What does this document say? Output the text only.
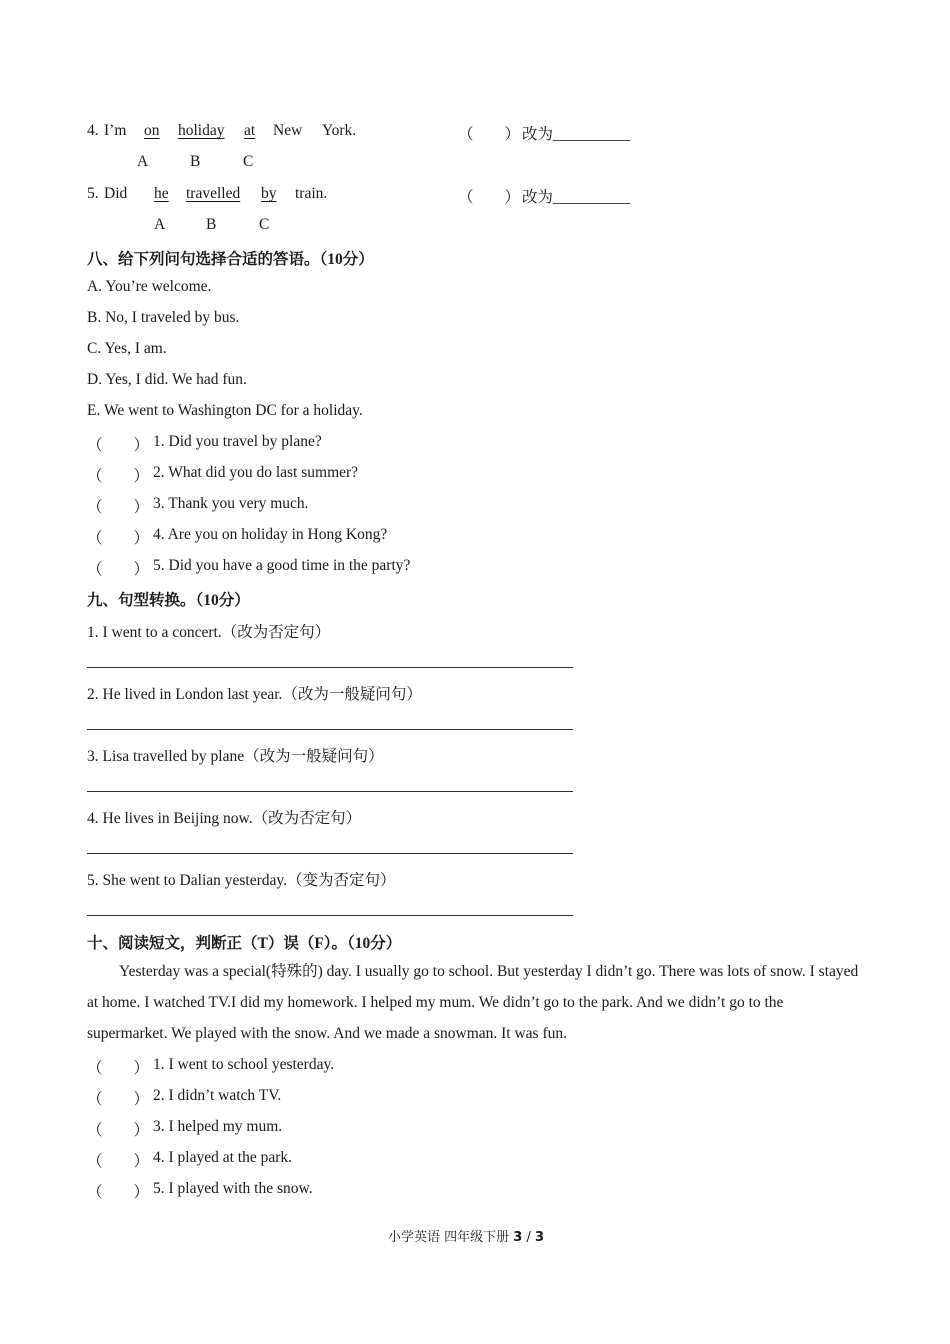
4. I’m on holiday at New York.	（　　） 改为__________
A	B	C
5. Did he travelled by train.	（　　） 改为__________
A	B	C
八、给下列问句选择合适的答语。（10分）
A. You’re welcome.
B. No, I traveled by bus.
C. Yes, I am.
D. Yes, I did. We had fun.
E. We went to Washington DC for a holiday.
（　　） 1. Did you travel by plane?
（　　） 2. What did you do last summer?
（　　） 3. Thank you very much.
（　　） 4. Are you on holiday in Hong Kong?
（　　） 5. Did you have a good time in the party?
九、句型转换。（10分）
1. I went to a concert.（改为否定句）
2. He lived in London last year.（改为一般疑问句）
3. Lisa travelled by plane（改为一般疑问句）
4. He lives in Beijing now.（改为否定句）
5. She went to Dalian yesterday.（变为否定句）
十、阅读短文，判断正（T）误（F）。（10分）
Yesterday was a special(特殊的) day. I usually go to school. But yesterday I didn’t go. There was lots of snow. I stayed at home. I watched TV.I did my homework. I helped my mum. We didn’t go to the park. And we didn’t go to the supermarket. We played with the snow. And we made a snowman. It was fun.
（　　） 1. I went to school yesterday.
（　　） 2. I didn’t watch TV.
（　　） 3. I helped my mum.
（　　） 4. I played at the park.
（　　） 5. I played with the snow.
小学英语 四年级下册 3 / 3
